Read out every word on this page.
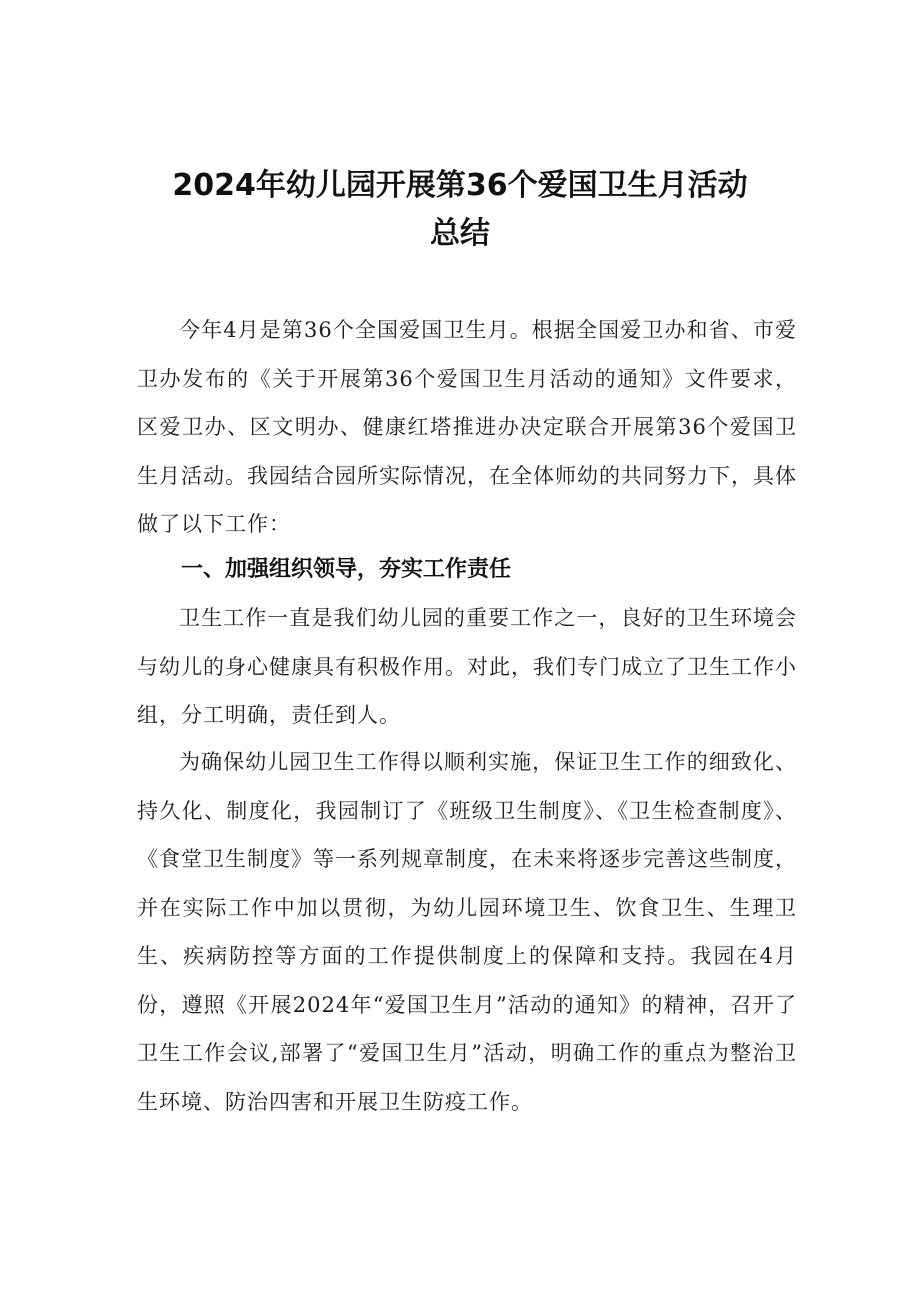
2024年幼儿园开展第36个爱国卫生月活动
总结

今年4月是第36个全国爱国卫生月。根据全国爱卫办和省、市爱卫办发布的《关于开展第36个爱国卫生月活动的通知》文件要求，区爱卫办、区文明办、健康红塔推进办决定联合开展第36个爱国卫生月活动。我园结合园所实际情况，在全体师幼的共同努力下，具体做了以下工作：

一、加强组织领导，夯实工作责任

卫生工作一直是我们幼儿园的重要工作之一，良好的卫生环境会与幼儿的身心健康具有积极作用。对此，我们专门成立了卫生工作小组，分工明确，责任到人。

为确保幼儿园卫生工作得以顺利实施，保证卫生工作的细致化、持久化、制度化，我园制订了《班级卫生制度》、《卫生检查制度》、《食堂卫生制度》等一系列规章制度，在未来将逐步完善这些制度，并在实际工作中加以贯彻，为幼儿园环境卫生、饮食卫生、生理卫生、疾病防控等方面的工作提供制度上的保障和支持。我园在4月份，遵照《开展2024年“爱国卫生月”活动的通知》的精神，召开了卫生工作会议,部署了“爱国卫生月”活动，明确工作的重点为整治卫生环境、防治四害和开展卫生防疫工作。
